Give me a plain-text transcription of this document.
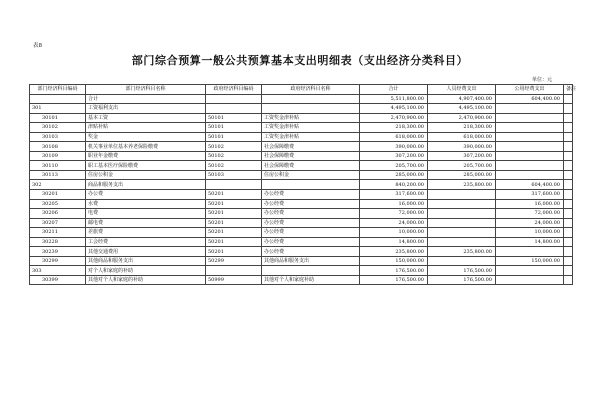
表8
部门综合预算一般公共预算基本支出明细表（支出经济分类科目）
单位：元
部门经济科目编码	部门经济科目名称	政府经济科目编码	政府经济科目名称	合计	人员经费支出	公用经费支出	备注
	合计			5,511,800.00	4,907,400.00	604,400.00	
301	工资福利支出			4,495,100.00	4,495,100.00		
30101	基本工资	50101	工资奖金津补贴	2,470,900.00	2,470,900.00		
30102	津贴补贴	50101	工资奖金津补贴	218,300.00	218,300.00		
30103	奖金	50101	工资奖金津补贴	618,000.00	618,000.00		
30108	机关事业单位基本养老保险缴费	50102	社会保障缴费	390,000.00	390,000.00		
30109	职业年金缴费	50102	社会保障缴费	307,200.00	307,200.00		
30110	职工基本医疗保险缴费	50102	社会保障缴费	205,700.00	205,700.00		
30113	住房公积金	50103	住房公积金	285,000.00	285,000.00		
302	商品和服务支出			840,200.00	235,800.00	604,400.00	
30201	办公费	50201	办公经费	317,600.00		317,600.00	
30205	水费	50201	办公经费	16,000.00		16,000.00	
30206	电费	50201	办公经费	72,000.00		72,000.00	
30207	邮电费	50201	办公经费	24,000.00		24,000.00	
30211	差旅费	50201	办公经费	10,000.00		10,000.00	
30228	工会经费	50201	办公经费	14,800.00		14,800.00	
30239	其他交通费用	50201	办公经费	235,800.00	235,800.00		
30299	其他商品和服务支出	50299	其他商品和服务支出	150,000.00		150,000.00	
303	对个人和家庭的补助			176,500.00	176,500.00		
30399	其他对个人和家庭的补助	50999	其他对个人和家庭补助	176,500.00	176,500.00		
